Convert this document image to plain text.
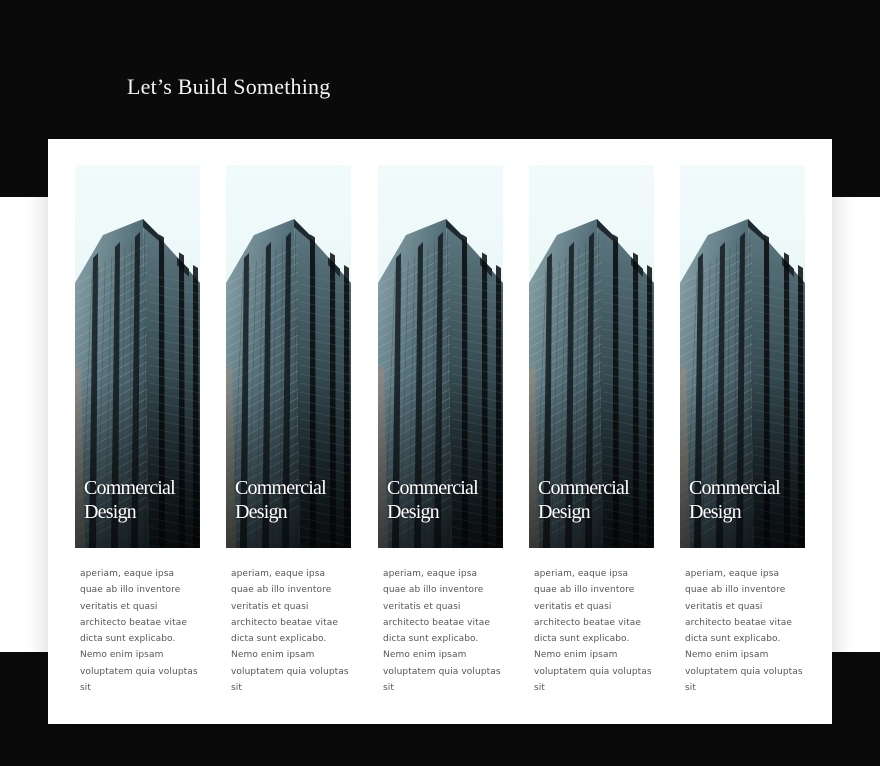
Let’s Build Something
Commercial
Design

aperiam, eaque ipsa quae ab illo inventore veritatis et quasi architecto beatae vitae dicta sunt explicabo. Nemo enim ipsam voluptatem quia voluptas sit

Commercial
Design

aperiam, eaque ipsa quae ab illo inventore veritatis et quasi architecto beatae vitae dicta sunt explicabo. Nemo enim ipsam voluptatem quia voluptas sit

Commercial
Design

aperiam, eaque ipsa quae ab illo inventore veritatis et quasi architecto beatae vitae dicta sunt explicabo. Nemo enim ipsam voluptatem quia voluptas sit

Commercial
Design

aperiam, eaque ipsa quae ab illo inventore veritatis et quasi architecto beatae vitae dicta sunt explicabo. Nemo enim ipsam voluptatem quia voluptas sit

Commercial
Design

aperiam, eaque ipsa quae ab illo inventore veritatis et quasi architecto beatae vitae dicta sunt explicabo. Nemo enim ipsam voluptatem quia voluptas sit
